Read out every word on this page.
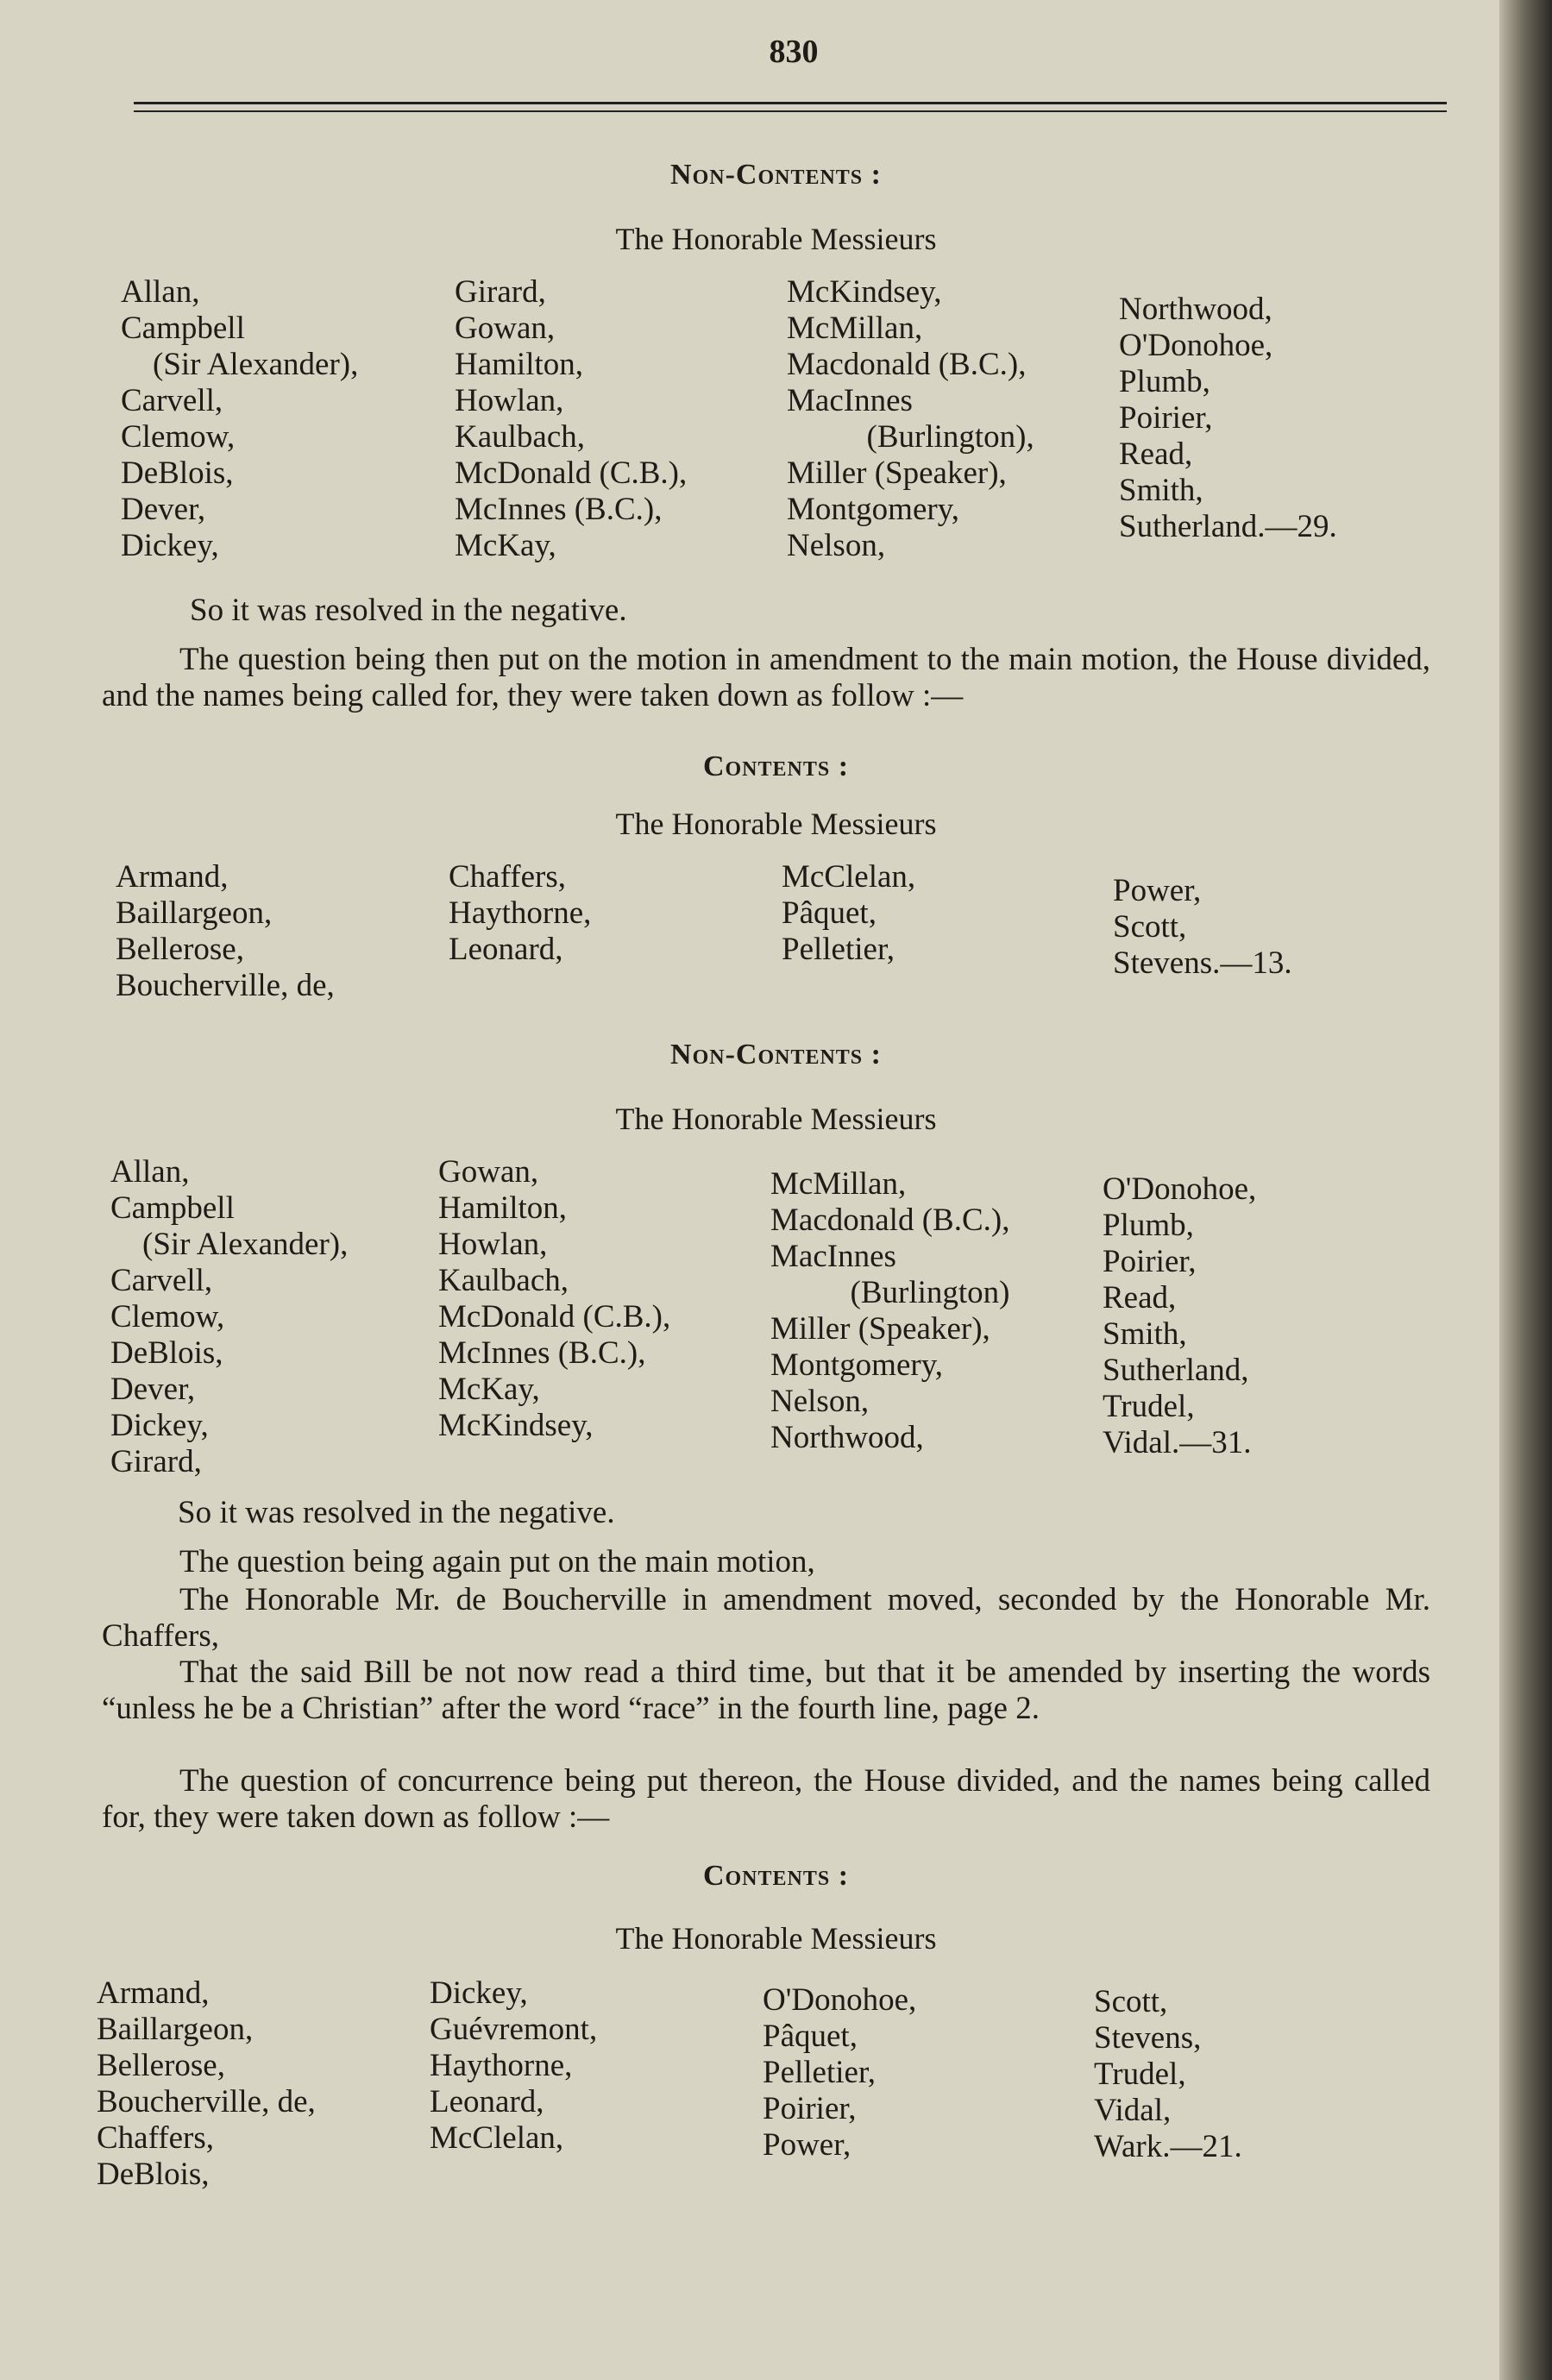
830
Non-Contents :
The Honorable Messieurs
Allan,
Campbell
(Sir Alexander),
Carvell,
Clemow,
DeBlois,
Dever,
Dickey,
Girard,
Gowan,
Hamilton,
Howlan,
Kaulbach,
McDonald (C.B.),
McInnes (B.C.),
McKay,
McKindsey,
McMillan,
Macdonald (B.C.),
MacInnes
(Burlington),
Miller (Speaker),
Montgomery,
Nelson,
Northwood,
O'Donohoe,
Plumb,
Poirier,
Read,
Smith,
Sutherland.—29.
So it was resolved in the negative.
The question being then put on the motion in amendment to the main motion, the House divided, and the names being called for, they were taken down as follow :—
Contents :
The Honorable Messieurs
Armand,
Baillargeon,
Bellerose,
Boucherville, de,
Chaffers,
Haythorne,
Leonard,
McClelan,
Pâquet,
Pelletier,
Power,
Scott,
Stevens.—13.
Non-Contents :
The Honorable Messieurs
Allan,
Campbell
(Sir Alexander),
Carvell,
Clemow,
DeBlois,
Dever,
Dickey,
Girard,
Gowan,
Hamilton,
Howlan,
Kaulbach,
McDonald (C.B.),
McInnes (B.C.),
McKay,
McKindsey,
McMillan,
Macdonald (B.C.),
MacInnes
(Burlington)
Miller (Speaker),
Montgomery,
Nelson,
Northwood,
O'Donohoe,
Plumb,
Poirier,
Read,
Smith,
Sutherland,
Trudel,
Vidal.—31.
So it was resolved in the negative.
The question being again put on the main motion,
The Honorable Mr. de Boucherville in amendment moved, seconded by the Honorable Mr. Chaffers,
That the said Bill be not now read a third time, but that it be amended by inserting the words “unless he be a Christian” after the word “race” in the fourth line, page 2.
The question of concurrence being put thereon, the House divided, and the names being called for, they were taken down as follow :—
Contents :
The Honorable Messieurs
Armand,
Baillargeon,
Bellerose,
Boucherville, de,
Chaffers,
DeBlois,
Dickey,
Guévremont,
Haythorne,
Leonard,
McClelan,
O'Donohoe,
Pâquet,
Pelletier,
Poirier,
Power,
Scott,
Stevens,
Trudel,
Vidal,
Wark.—21.
